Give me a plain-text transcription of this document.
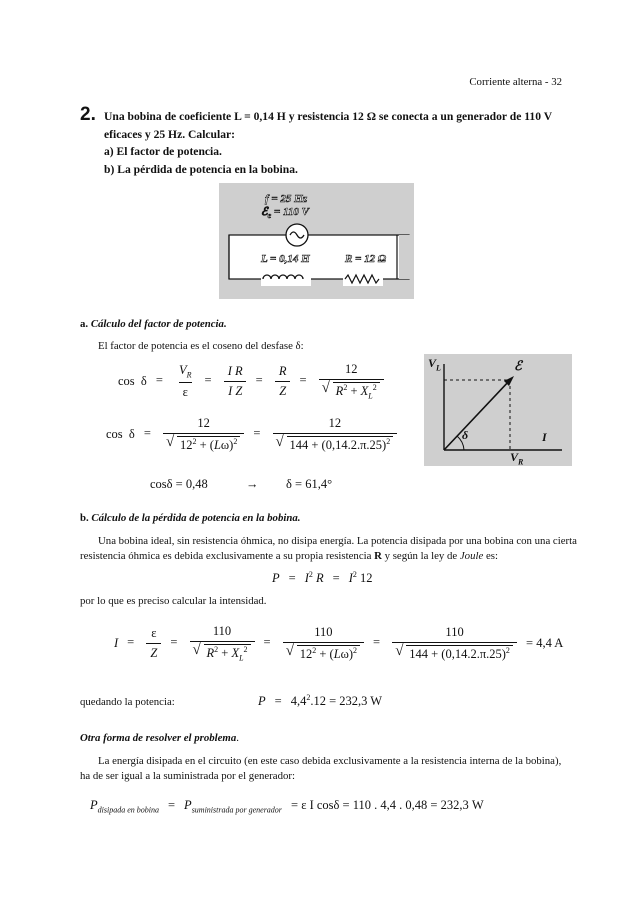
Corriente alterna - 32
2. Una bobina de coeficiente L = 0,14 H y resistencia 12 Ω se conecta a un generador de 110 V
eficaces y 25 Hz. Calcular:
a) El factor de potencia.
b) La pérdida de potencia en la bobina.
f = 25 Hz
ℰ$_e$ = 110 V
L = 0,14 H	R = 12 Ω
a. Cálculo del factor de potencia.
El factor de potencia es el coseno del desfase δ:
$\cos \delta = \frac{V_R}{\varepsilon} = \frac{\text{I R}}{\text{I Z}} = \frac{R}{Z} = 12$
√ $R^2 + X_L^2$
cos  δ = 12
√ $12^2 + (L\omega)^2 = 12$
√ $144 + (0,14.2.\pi.25)^2$
cosδ = 0,48	→ δ = 61,4°
$V_L$	ℰ
δ	I
$V_R$
b. Cálculo de la pérdida de potencia en la bobina.
Una bobina ideal, sin resistencia óhmica, no disipa energía. La potencia disipada por una bobina con una cierta
resistencia óhmica es debida exclusivamente a su propia resistencia R y según la ley de Joule es:
$P = I^2$ $R = I^2$ 12
por lo que es preciso calcular la intensidad.
$I = \frac{\varepsilon}{Z} = 110$
√ $R^2 + X_L^2 = 110$
√ $12^2 + (L\omega)^2 = 110$
√ $144 + (0,14.2.\pi.25)^2 = 4,4$ A
quedando la potencia:	$P = 4,4^2.12 = 232,3$ W
Otra forma de resolver el problema.
La energía disipada en el circuito (en este caso debida exclusivamente a la resistencia interna de la bobina),
ha de ser igual a la suministrada por el generador:
$P_{disipada en bobina} = P_{suministrada por generador} = \varepsilon$ I cosδ = 110 . 4,4 . 0,48 = 232,3 W
